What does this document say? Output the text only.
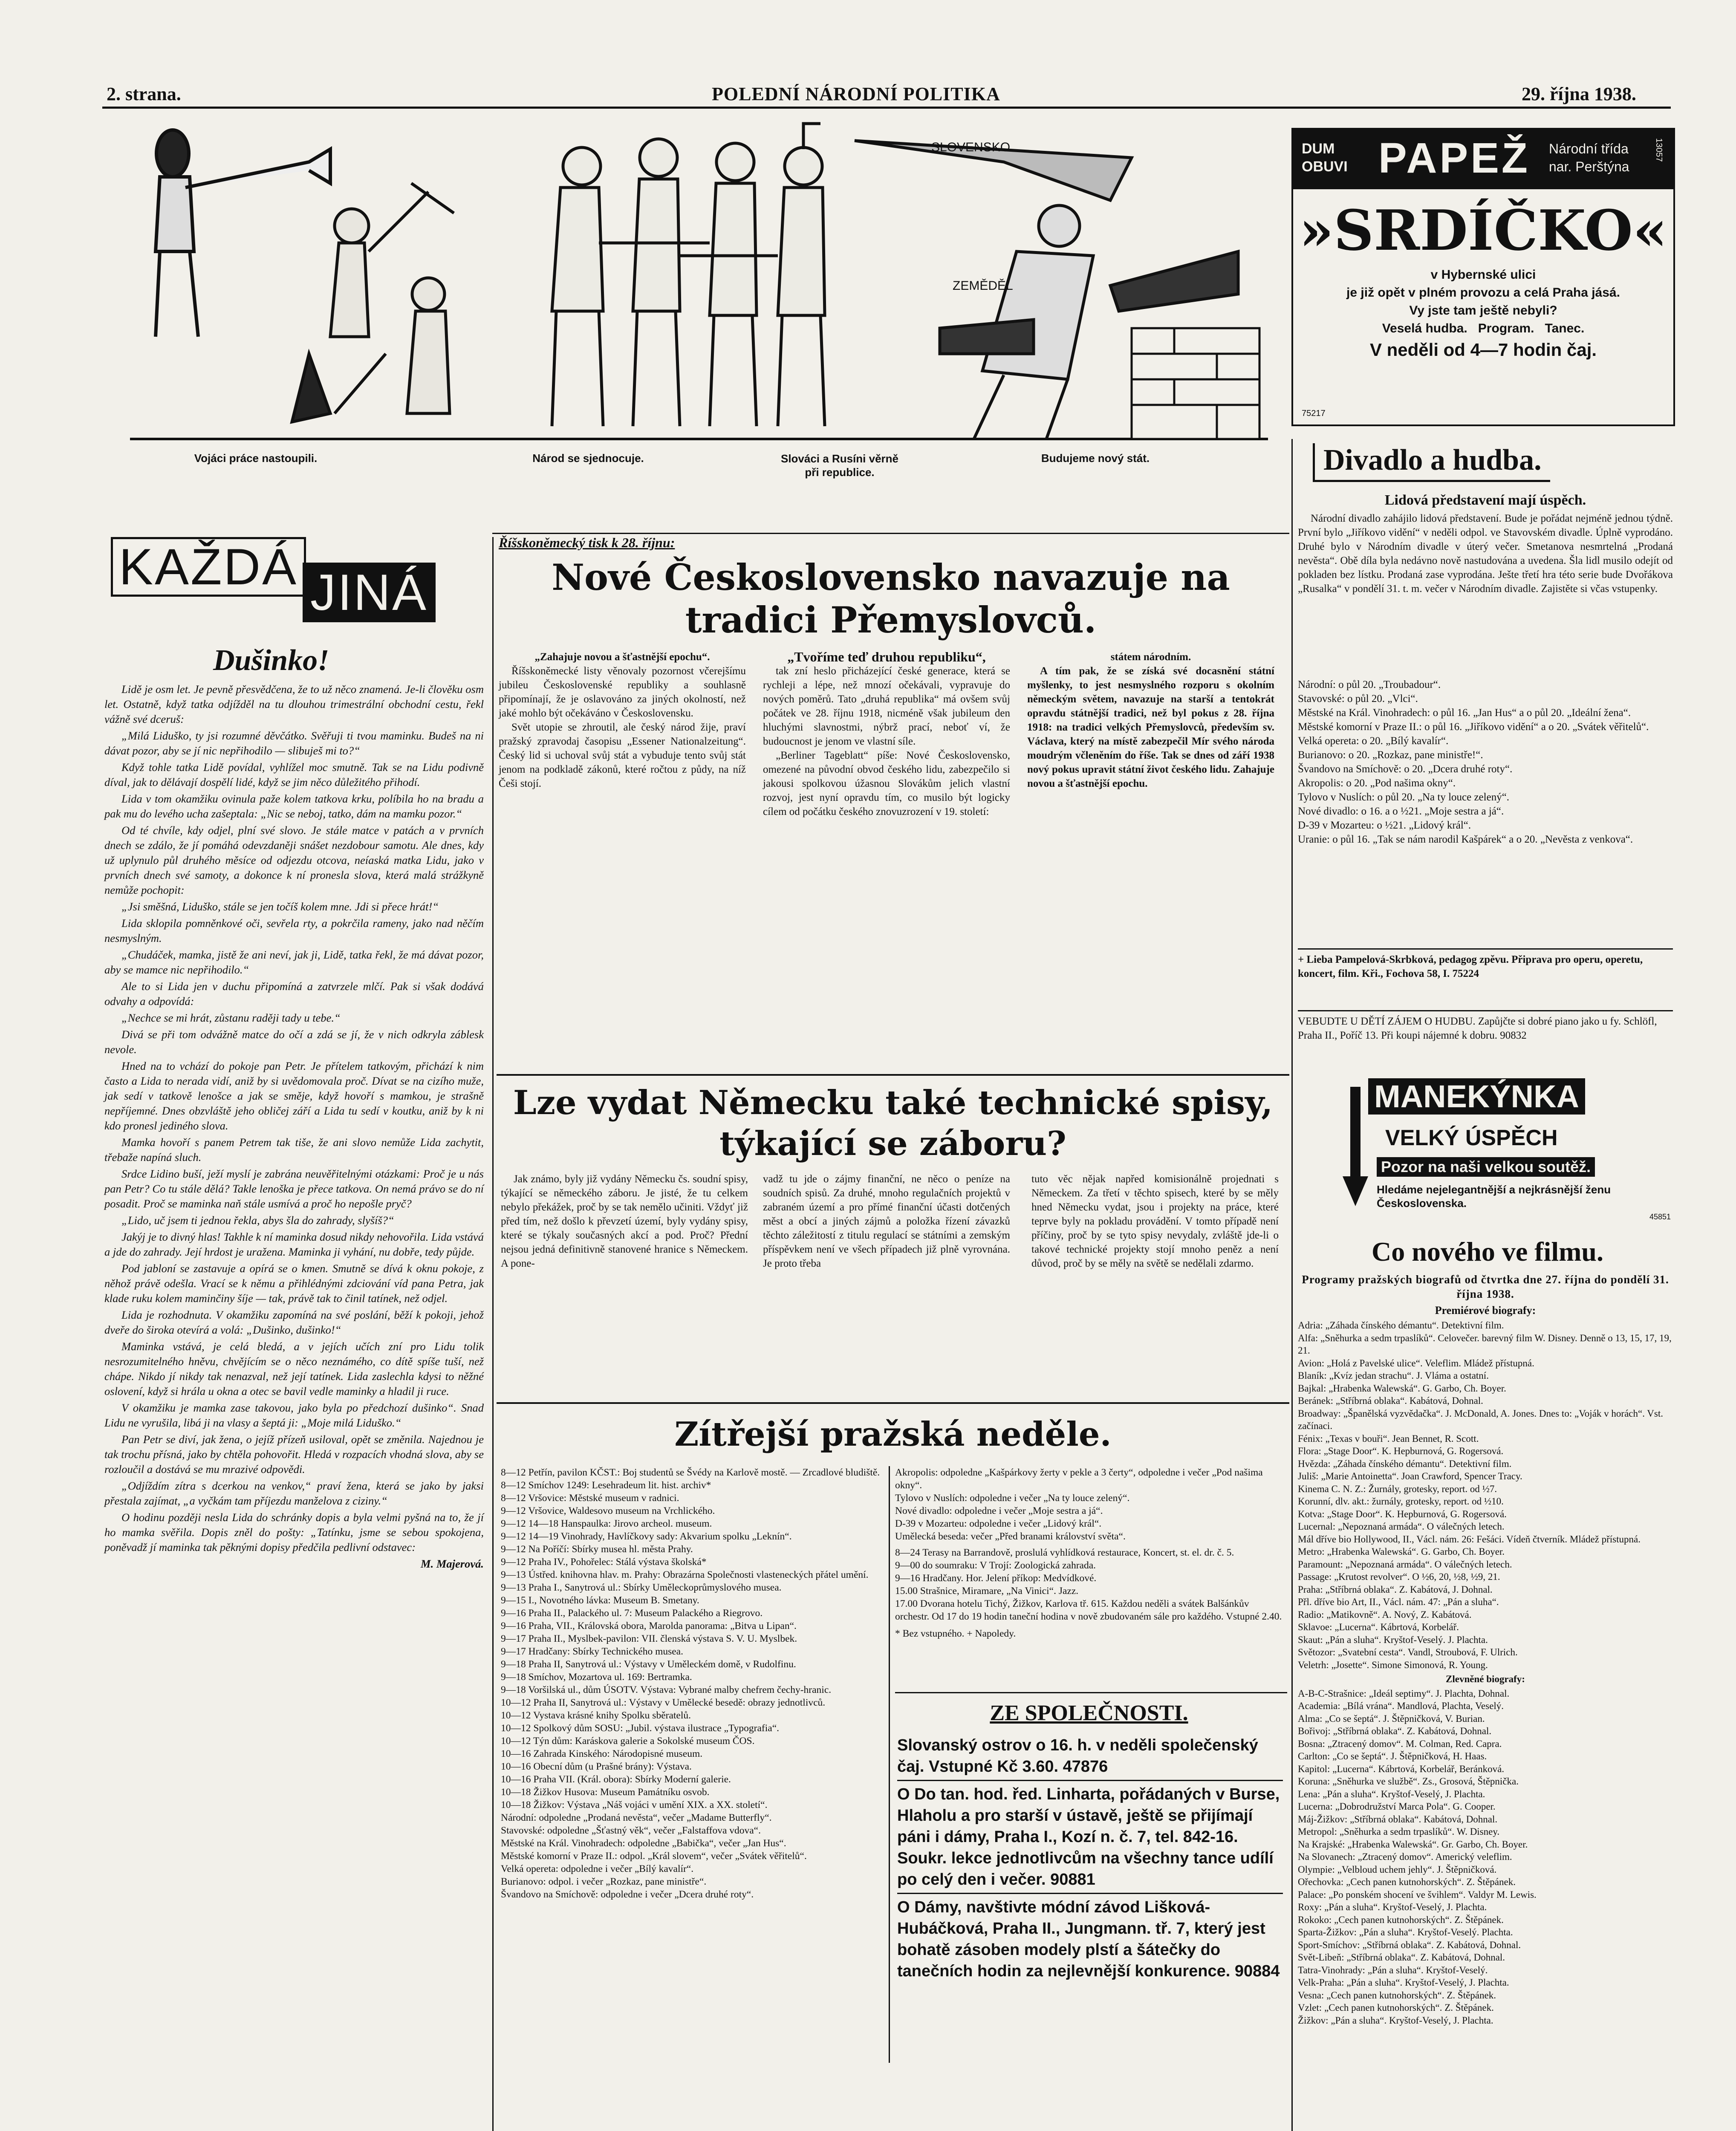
2. strana.	POLEDNÍ NÁRODNÍ POLITIKA	29. října 1938.
SLOVENSKO
ZEMĚDĚL
Vojáci práce nastoupili.	Národ se sjednocuje.	Slováci a Rusíni věrně při republice.
Budujeme nový stát.
DUM OBUVI PAPEŽ Národní třída nar. Perštýna
13057
»SRDÍČKO«
v Hybernské ulici
je již opět v plném provozu a celá Praha jásá.
Vy jste tam ještě nebyli?
Veselá hudba.   Program.   Tanec.
V neděli od 4—7 hodin čaj.
75217
Divadlo a hudba.
Lidová představení mají úspěch.
Národní divadlo zahájilo lidová představení. Bude je pořádat nejméně jednou týdně. První bylo „Jiříkovo vidění“ v neděli odpol. ve Stavovském divadle. Úplně vyprodáno. Druhé bylo v Národním divadle v úterý večer. Smetanova nesmrtelná „Prodaná nevěsta“. Obě díla byla nedávno nově nastudována a uvedena. Šla lidl musilo odejít od pokladen bez lístku. Prodaná zase vyprodána. Ješte třetí hra této serie bude Dvořákova „Rusalka“ v pondělí 31. t. m. večer v Národním divadle. Zajistěte si včas vstupenky.
Národní: o půl 20. „Troubadour“.
Stavovské: o půl 20. „Vlci“.
Městské na Král. Vinohradech: o půl 16. „Jan Hus“ a o půl 20. „Ideální žena“.
Městské komorní v Praze II.: o půl 16. „Jiříkovo vidění“ a o 20. „Svátek věřitelů“.
Velká opereta: o 20. „Bílý kavalír“.
Burianovo: o 20. „Rozkaz, pane ministře!“.
Švandovo na Smíchově: o 20. „Dcera druhé roty“.
Akropolis: o 20. „Pod našima okny“.
Tylovo v Nuslích: o půl 20. „Na ty louce zelený“.
Nové divadlo: o 16. a o ½21. „Moje sestra a já“.
D-39 v Mozarteu: o ½21. „Lidový král“.
Uranie: o půl 16. „Tak se nám narodil Kašpárek“ a o 20. „Nevěsta z venkova“.
+ Lieba Pampelová-Skrbková, pedagog zpěvu. Připrava pro operu, operetu, koncert, film. Kři., Fochova 58, I. 75224
VEBUDTE U DĚTÍ ZÁJEM O HUDBU. Zapůjčte si dobré piano jako u fy. Schlöfl, Praha II., Poříč 13. Při koupi nájemné k dobru. 90832
MANEKÝNKA
VELKÝ ÚSPĚCH
Pozor na naši velkou soutěž.
Hledáme nejelegantnější a nejkrásnější ženu Československa.
45851
Co nového ve filmu.
Programy pražských biografů od čtvrtka dne 27. října do pondělí 31. října 1938.
Premiérové biografy:
Adria: „Záhada čínského démantu“. Detektivní film.
Alfa: „Sněhurka a sedm trpaslíků“. Celovečer. barevný film W. Disney. Denně o 13, 15, 17, 19, 21.
Avion: „Holá z Pavelské ulice“. Veleflim. Mládež přístupná.
Blaník: „Kvíz jedan strachu“. J. Vláma a ostatní.
Bajkal: „Hrabenka Walewská“. G. Garbo, Ch. Boyer.
Beránek: „Stříbrná oblaka“. Kabátová, Dohnal.
Broadway: „Španělská vyzvědačka“. J. McDonald, A. Jones. Dnes to: „Voják v horách“. Vst. začínaci.
Fénix: „Texas v bouři“. Jean Bennet, R. Scott.
Flora: „Stage Door“. K. Hepburnová, G. Rogersová.
Hvězda: „Záhada čínského démantu“. Detektivní film.
Juliš: „Marie Antoinetta“. Joan Crawford, Spencer Tracy.
Kinema C. N. Z.: Žurnály, grotesky, report. od ½7.
Korunní, dlv. akt.: žurnály, grotesky, report. od ½10.
Kotva: „Stage Door“. K. Hepburnová, G. Rogersová.
Lucernal: „Nepoznaná armáda“. O válečných letech.
Mál dříve bio Hollywood, II., Václ. nám. 26: Fešáci. Vídeň čtverník. Mládež přístupná.
Metro: „Hrabenka Walewská“. G. Garbo, Ch. Boyer.
Paramount: „Nepoznaná armáda“. O válečných letech.
Passage: „Krutost revolver“. O ½6, 20, ½8, ½9, 21.
Praha: „Stříbrná oblaka“. Z. Kabátová, J. Dohnal.
Přl. dříve bio Art, II., Václ. nám. 47: „Pán a sluha“.
Radio: „Matikovně“. A. Nový, Z. Kabátová.
Sklavoe: „Lucerna“. Kábrtová, Korbelář.
Skaut: „Pán a sluha“. Kryštof-Veselý. J. Plachta.
Světozor: „Svatební cesta“. Vandl, Stroubová, F. Ulrich.
Veletrh: „Josette“. Simone Simonová, R. Young.
Zlevněné biografy:
A-B-C-Strašnice: „Ideál septimy“. J. Plachta, Dohnal.
Academia: „Bílá vrána“. Mandlová, Plachta, Veselý.
Alma: „Co se šeptá“. J. Štěpničková, V. Burian.
Bořivoj: „Stříbrná oblaka“. Z. Kabátová, Dohnal.
Bosna: „Ztracený domov“. M. Colman, Red. Capra.
Carlton: „Co se šeptá“. J. Štěpničková, H. Haas.
Kapitol: „Lucerna“. Kábrtová, Korbelář, Beránková.
Koruna: „Sněhurka ve službě“. Zs., Grosová, Štěpnička.
Lena: „Pán a sluha“. Kryštof-Veselý, J. Plachta.
Lucerna: „Dobrodružství Marca Pola“. G. Cooper.
Máj-Žižkov: „Stříbrná oblaka“. Kabátová, Dohnal.
Metropol: „Sněhurka a sedm trpaslíků“. W. Disney.
Na Krajské: „Hrabenka Walewská“. Gr. Garbo, Ch. Boyer.
Na Slovanech: „Ztracený domov“. Americký veleflim.
Olympie: „Velbloud uchem jehly“. J. Štěpničková.
Ořechovka: „Cech panen kutnohorských“. Z. Štěpánek.
Palace: „Po ponském shocení ve švihlem“. Valdyr M. Lewis.
Roxy: „Pán a sluha“. Kryštof-Veselý, J. Plachta.
Rokoko: „Cech panen kutnohorských“. Z. Štěpánek.
Sparta-Žižkov: „Pán a sluha“. Kryštof-Veselý. Plachta.
Sport-Smíchov: „Stříbrná oblaka“. Z. Kabátová, Dohnal.
Svět-Libeň: „Stříbrná oblaka“. Z. Kabátová, Dohnal.
Tatra-Vinohrady: „Pán a sluha“. Kryštof-Veselý.
Velk-Praha: „Pán a sluha“. Kryštof-Veselý, J. Plachta.
Vesna: „Cech panen kutnohorských“. Z. Štěpánek.
Vzlet: „Cech panen kutnohorských“. Z. Štěpánek.
Žižkov: „Pán a sluha“. Kryštof-Veselý, J. Plachta.
KAŽDÁ JINÁ
Dušinko!

Lidě je osm let. Je pevně přesvědčena, že to už něco znamená. Je-li člověku osm let. Ostatně, když tatka odjížděl na tu dlouhou trimestrální obchodní cestu, řekl vážně své dceruš:

„Milá Liduško, ty jsi rozumné děvčátko. Svěřuji ti tvou maminku. Budeš na ni dávat pozor, aby se jí nic nepřihodilo — slibuješ mi to?“

Když tohle tatka Lidě povídal, vyhlížel moc smutně. Tak se na Lidu podivně díval, jak to dělávají dospělí lidé, když se jim něco důležitého přihodí.

Lida v tom okamžiku ovinula paže kolem tatkova krku, políbila ho na bradu a pak mu do levého ucha zašeptala: „Nic se neboj, tatko, dám na mamku pozor.“

Od té chvíle, kdy odjel, plní své slovo. Je stále matce v patách a v prvních dnech se zdálo, že jí pomáhá odevzdaněji snášet nezdobour samotu. Ale dnes, kdy už uplynulo půl druhého měsíce od odjezdu otcova, neíaská matka Lidu, jako v prvních dnech své samoty, a dokonce k ní pronesla slova, která malá strážkyně nemůže pochopit:

„Jsi směšná, Liduško, stále se jen točíš kolem mne. Jdi si přece hrát!“

Lida sklopila pomněnkové oči, sevřela rty, a pokrčila rameny, jako nad něčím nesmyslným.

„Chudáček, mamka, jistě že ani neví, jak ji, Lidě, tatka řekl, že má dávat pozor, aby se mamce nic nepřihodilo.“

Ale to si Lida jen v duchu připomíná a zatvrzele mlčí. Pak si však dodává odvahy a odpovídá:

„Nechce se mi hrát, zůstanu raději tady u tebe.“

Divá se při tom odvážně matce do očí a zdá se jí, že v nich odkryla záblesk nevole.

Hned na to vchází do pokoje pan Petr. Je přítelem tatkovým, přichází k nim často a Lida to nerada vidí, aniž by si uvědomovala proč. Dívat se na cizího muže, jak sedí v tatkově lenošce a jak se směje, když hovoří s mamkou, je strašně nepříjemné. Dnes obzvláště jeho obličej září a Lida tu sedí v koutku, aniž by k ni kdo pronesl jediného slova.

Mamka hovoří s panem Petrem tak tiše, že ani slovo nemůže Lida zachytit, třebaže napíná sluch.

Srdce Lidino buší, ježí myslí je zabrána neuvěřitelnými otázkami: Proč je u nás pan Petr? Co tu stále dělá? Takle lenoška je přece tatkova. On nemá právo se do ní posadit. Proč se maminka naň stále usmívá a proč ho nepošle pryč?

„Lido, uč jsem ti jednou řekla, abys šla do zahrady, slyšíš?“

Jakýj je to divný hlas! Takhle k ní maminka dosud nikdy nehovořila. Lida vstává a jde do zahrady. Její hrdost je uražena. Maminka ji vyhání, nu dobře, tedy půjde.

Pod jabloní se zastavuje a opírá se o kmen. Smutně se dívá k oknu pokoje, z něhož právě odešla. Vrací se k němu a přihlédnými zdciování víd pana Petra, jak klade ruku kolem maminčiny šíje — tak, právě tak to činil tatínek, než odjel.

Lida je rozhodnuta. V okamžiku zapomíná na své poslání, běží k pokoji, jehož dveře do široka otevírá a volá: „Dušinko, dušinko!“

Maminka vstává, je celá bledá, a v jejích učích zní pro Lidu tolik nesrozumitelného hněvu, chvějícím se o něco neznámého, co dítě spíše tuší, než chápe. Nikdo jí nikdy tak nenazval, než její tatínek. Lida zaslechla kdysi to něžné oslovení, když si hrála u okna a otec se bavil vedle maminky a hladil ji ruce.

V okamžiku je mamka zase takovou, jako byla po předchozí dušinko“. Snad Lidu ne vyrušila, libá ji na vlasy a šeptá ji: „Moje milá Liduško.“

Pan Petr se diví, jak žena, o jejíž přízeň usiloval, opět se změnila. Najednou je tak trochu přísná, jako by chtěla pohovořit. Hledá v rozpacích vhodná slova, aby se rozloučil a dostává se mu mrazivé odpovědi.

„Odjíždím zítra s dcerkou na venkov,“ praví žena, která se jako by jaksi přestala zajímat, „a vyčkám tam příjezdu manželova z ciziny.“

O hodinu později nesla Lida do schránky dopis a byla velmi pyšná na to, že jí ho mamka svěřila. Dopis zněl do pošty: „Tatínku, jsme se sebou spokojena, poněvadž jí maminka tak pěknými dopisy předčila pedlivní odstavec:

M. Majerová.

Říšskoněmecký tisk k 28. říjnu:
Nové Československo navazuje na tradici Přemyslovců.
„Zahajuje novou a šťastnější epochu“.
Říšskoněmecké listy věnovaly pozornost včerejšímu jubileu Československé republiky a souhlasně připomínají, že je oslavováno za jiných okolností, než jaké mohlo být očekáváno v Československu.
Svět utopie se zhroutil, ale český národ žije, praví pražský zpravodaj časopisu „Essener Nationalzeitung“. Český lid si uchoval svůj stát a vybuduje tento svůj stát jenom na podkladě zákonů, které ročtou z půdy, na níž Češi stojí.
„Tvoříme teď druhou republiku“,
tak zní heslo přicházející české generace, která se rychleji a lépe, než mnozí očekávali, vypravuje do nových poměrů. Tato „druhá republika“ má ovšem svůj počátek ve 28. říjnu 1918, nicméně však jubileum den hluchými slavnostmi, nýbrž prací, neboť ví, že budoucnost je jenom ve vlastní síle.
„Berliner Tageblatt“ píše: Nové Československo, omezené na původní obvod českého lidu, zabezpečilo si jakousi spolkovou úžasnou Slovákům jelich vlastní rozvoj, jest nyní opravdu tím, co musilo být logicky cílem od počátku českého znovuzrození v 19. století:
státem národním.
A tím pak, že se získá své docasnění státní myšlenky, to jest nesmyslného rozporu s okolním německým světem, navazuje na starší a tentokrát opravdu státnější tradici, než byl pokus z 28. října 1918: na tradici velkých Přemyslovců, především sv. Václava, který na místě zabezpečil Mír svého národa moudrým včleněním do říše. Tak se dnes od září 1938 nový pokus upravit státní život českého lidu. Zahajuje novou a šťastnější epochu.
Lze vydat Německu také technické spisy, týkající se záboru?
Jak známo, byly již vydány Německu čs. soudní spisy, týkající se německého záboru. Je jisté, že tu celkem nebylo překážek, proč by se tak nemělo učiniti. Vždyť již před tím, než došlo k převzetí území, byly vydány spisy, které se týkaly současných akcí a pod. Proč? Přední nejsou jedná definitivně stanovené hranice s Německem. A pone-
vadž tu jde o zájmy finanční, ne něco o peníze na soudních spisů. Za druhé, mnoho regulačních projektů v zabraném území a pro přímé finanční účasti dotčených měst a obcí a jiných zájmů a položka řízení závazků těchto záležitostí z titulu regulací se státními a zemským příspěvkem není ve všech případech již plně vyrovnána. Je proto třeba
tuto věc nějak napřed komisionálně projednati s Německem. Za třetí v těchto spisech, které by se měly hned Německu vydat, jsou i projekty na práce, které teprve byly na pokladu provádění. V tomto případě není příčiny, proč by se tyto spisy nevydaly, zvláště jde-li o takové technické projekty stojí mnoho peněz a není důvod, proč by se měly na světě se nedělali zdarmo.
Zítřejší pražská neděle.
8—12 Petřín, pavilon KČST.: Boj studentů se Švédy na Karlově mostě. — Zrcadlové bludiště.
8—12 Smíchov 1249: Lesehradeum lit. hist. archiv*
8—12 Vršovice: Městské museum v radnici.
9—12 Vršovice, Waldesovo museum na Vrchlického.
9—12 14—18 Hanspaulka: Jirovo archeol. museum.
9—12 14—19 Vinohrady, Havlíčkovy sady: Akvarium spolku „Leknín“.
9—12 Na Poříčí: Sbírky musea hl. města Prahy.
9—12 Praha IV., Pohořelec: Stálá výstava školská*
9—13 Ústřed. knihovna hlav. m. Prahy: Obrazárna Společnosti vlasteneckých přátel umění.
9—13 Praha I., Sanytrová ul.: Sbírky Uměleckoprůmyslového musea.
9—15 I., Novotného lávka: Museum B. Smetany.
9—16 Praha II., Palackého ul. 7: Museum Palackého a Riegrovo.
9—16 Praha, VII., Královská obora, Marolda panorama: „Bitva u Lipan“.
9—17 Praha II., Myslbek-pavilon: VII. členská výstava S. V. U. Myslbek.
9—17 Hradčany: Sbírky Technického musea.
9—18 Praha II, Sanytrová ul.: Výstavy v Uměleckém domě, v Rudolfinu.
9—18 Smíchov, Mozartova ul. 169: Bertramka.
9—18 Voršilská ul., dům ÚSOTV. Výstava: Vybrané malby chefrem čechy-hranic.
10—12 Praha II, Sanytrová ul.: Výstavy v Umělecké besedě: obrazy jednotlivců.
10—12 Vystava krásné knihy Spolku sběratelů.
10—12 Spolkový dům SOSU: „Jubil. výstava ilustrace „Typografia“.
10—12 Týn dům: Karáskova galerie a Sokolské museum ČOS.
10—16 Zahrada Kinského: Národopisné museum.
10—16 Obecní dům (u Prašné brány): Výstava.
10—16 Praha VII. (Král. obora): Sbírky Moderní galerie.
10—18 Žižkov Husova: Museum Památníku osvob.
10—18 Žižkov: Výstava „Náš vojáci v umění XIX. a XX. století“.
Národní: odpoledne „Prodaná nevěsta“, večer „Madame Butterfly“.
Stavovské: odpoledne „Šťastný věk“, večer „Falstaffova vdova“.
Městské na Král. Vinohradech: odpoledne „Babička“, večer „Jan Hus“.
Městské komorní v Praze II.: odpol. „Král slovem“, večer „Svátek věřitelů“.
Velká opereta: odpoledne i večer „Bílý kavalír“.
Burianovo: odpol. i večer „Rozkaz, pane ministře“.
Švandovo na Smíchově: odpoledne i večer „Dcera druhé roty“.
Akropolis: odpoledne „Kašpárkovy žerty v pekle a 3 čerty“, odpoledne i večer „Pod našima okny“.
Tylovo v Nuslích: odpoledne i večer „Na ty louce zelený“.
Nové divadlo: odpoledne i večer „Moje sestra a já“.
D-39 v Mozarteu: odpoledne i večer „Lidový král“.
Umělecká beseda: večer „Před branami království světa“.
8—24 Terasy na Barrandově, proslulá vyhlídková restaurace, Koncert, st. el. dr. č. 5.
9—00 do soumraku: V Trojí: Zoologická zahrada.
9—16 Hradčany. Hor. Jelení příkop: Medvídkové.
15.00 Strašnice, Miramare, „Na Vinici“. Jazz.
17.00 Dvorana hotelu Tichý, Žižkov, Karlova tř. 615. Každou neděli a svátek Balšánkův orchestr. Od 17 do 19 hodin taneční hodina v nově zbudovaném sále pro každého. Vstupné 2.40.
* Bez vstupného. + Napoledy.
ZE SPOLEČNOSTI.
Slovanský ostrov o 16. h. v neděli společenský čaj. Vstupné Kč 3.60. 47876
O Do tan. hod. řed. Linharta, pořádaných v Burse, Hlaholu a pro starší v ústavě, ještě se přijímají páni i dámy, Praha I., Kozí n. č. 7, tel. 842-16. Soukr. lekce jednotlivcům na všechny tance udílí po celý den i večer. 90881
O Dámy, navštivte módní závod Lišková-Hubáčková, Praha II., Jungmann. tř. 7, který jest bohatě zásoben modely plstí a šátečky do tanečních hodin za nejlevnější konkurence. 90884
